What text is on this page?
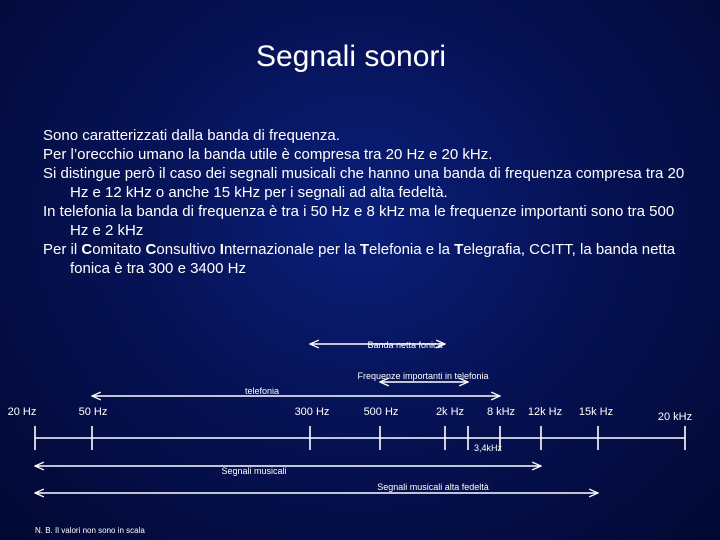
Segnali sonori

Sono caratterizzati dalla banda di frequenza.

Per l’orecchio umano la banda utile è compresa tra 20 Hz e 20 kHz.

Si distingue però il caso dei segnali musicali che hanno una banda di frequenza compresa tra 20 Hz e 12 kHz o anche 15 kHz per i segnali ad alta fedeltà.

In telefonia la banda di frequenza è tra i 50 Hz e 8 kHz ma le frequenze importanti sono tra 500 Hz e 2 kHz

Per il Comitato Consultivo Internazionale per la Telefonia e la Telegrafia, CCITT, la banda netta fonica è tra 300 e 3400 Hz

Banda netta fonica
Frequenze importanti in telefonia
telefonia
20 Hz	50 Hz	300 Hz	500 Hz	2k Hz 8 kHz 12k Hz 15k Hz	20 kHz
3,4kHz
Segnali musicali
Segnali musicali alta fedeltà
N. B. Il valori non sono in scala
